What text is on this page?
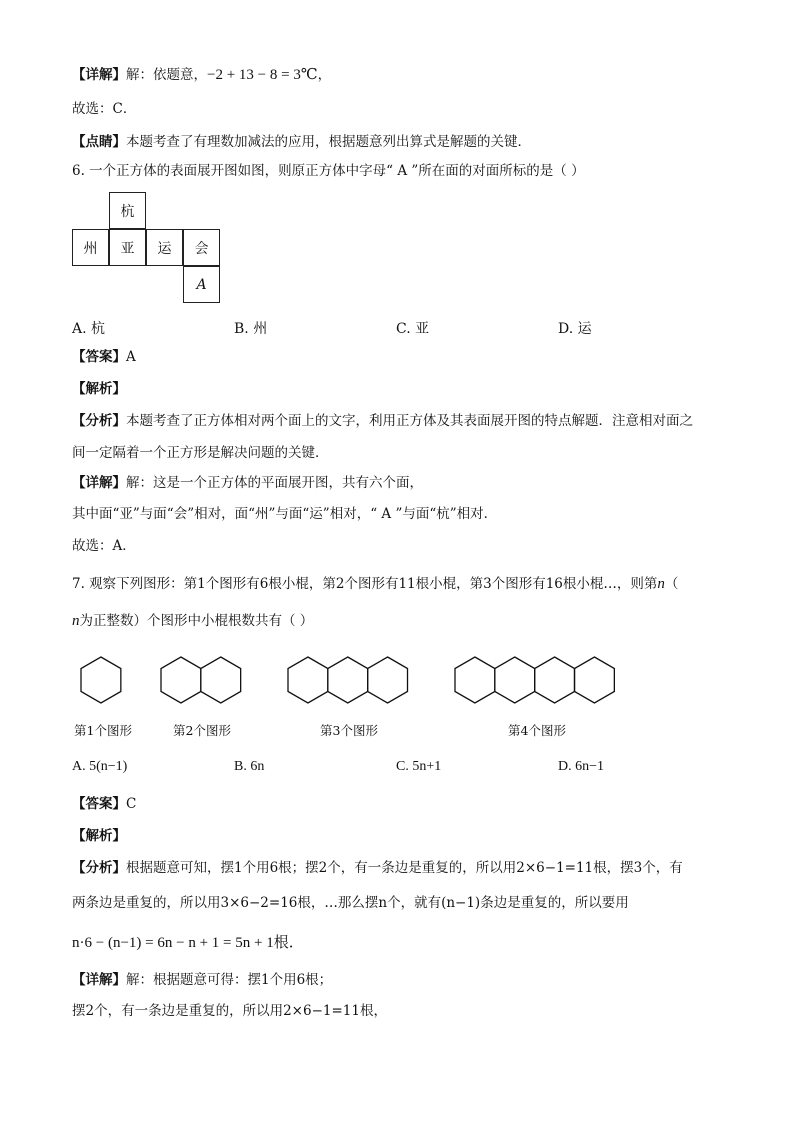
【详解】解：依题意，−2 + 13 − 8 = 3℃，
故选：C．
【点睛】本题考查了有理数加减法的应用，根据题意列出算式是解题的关键．
6. 一个正方体的表面展开图如图，则原正方体中字母“ A ”所在面的对面所标的是（ ）
杭
州	亚	运	会
A
A. 杭	B. 州	C. 亚	D. 运
【答案】A
【解析】
【分析】本题考查了正方体相对两个面上的文字，利用正方体及其表面展开图的特点解题．注意相对面之
间一定隔着一个正方形是解决问题的关键．
【详解】解：这是一个正方体的平面展开图，共有六个面，
其中面“亚”与面“会”相对，面“州”与面“运”相对，“ A ”与面“杭”相对．
故选：A．
7. 观察下列图形：第1个图形有6根小棍，第2个图形有11根小棍，第3个图形有16根小棍…，则第n（
n为正整数）个图形中小棍根数共有（ ）
第1个图形	第2个图形	第3个图形	第4个图形
A. 5(n−1)	B. 6n	C. 5n+1	D. 6n−1
【答案】C
【解析】
【分析】根据题意可知，摆1个用6根；摆2个，有一条边是重复的，所以用2×6−1=11根，摆3个，有
两条边是重复的，所以用3×6−2=16根，…那么摆n个，就有(n−1)条边是重复的，所以要用
n·6 − (n−1) = 6n − n + 1 = 5n + 1根．
【详解】解：根据题意可得：摆1个用6根；
摆2个，有一条边是重复的，所以用2×6−1=11根，
